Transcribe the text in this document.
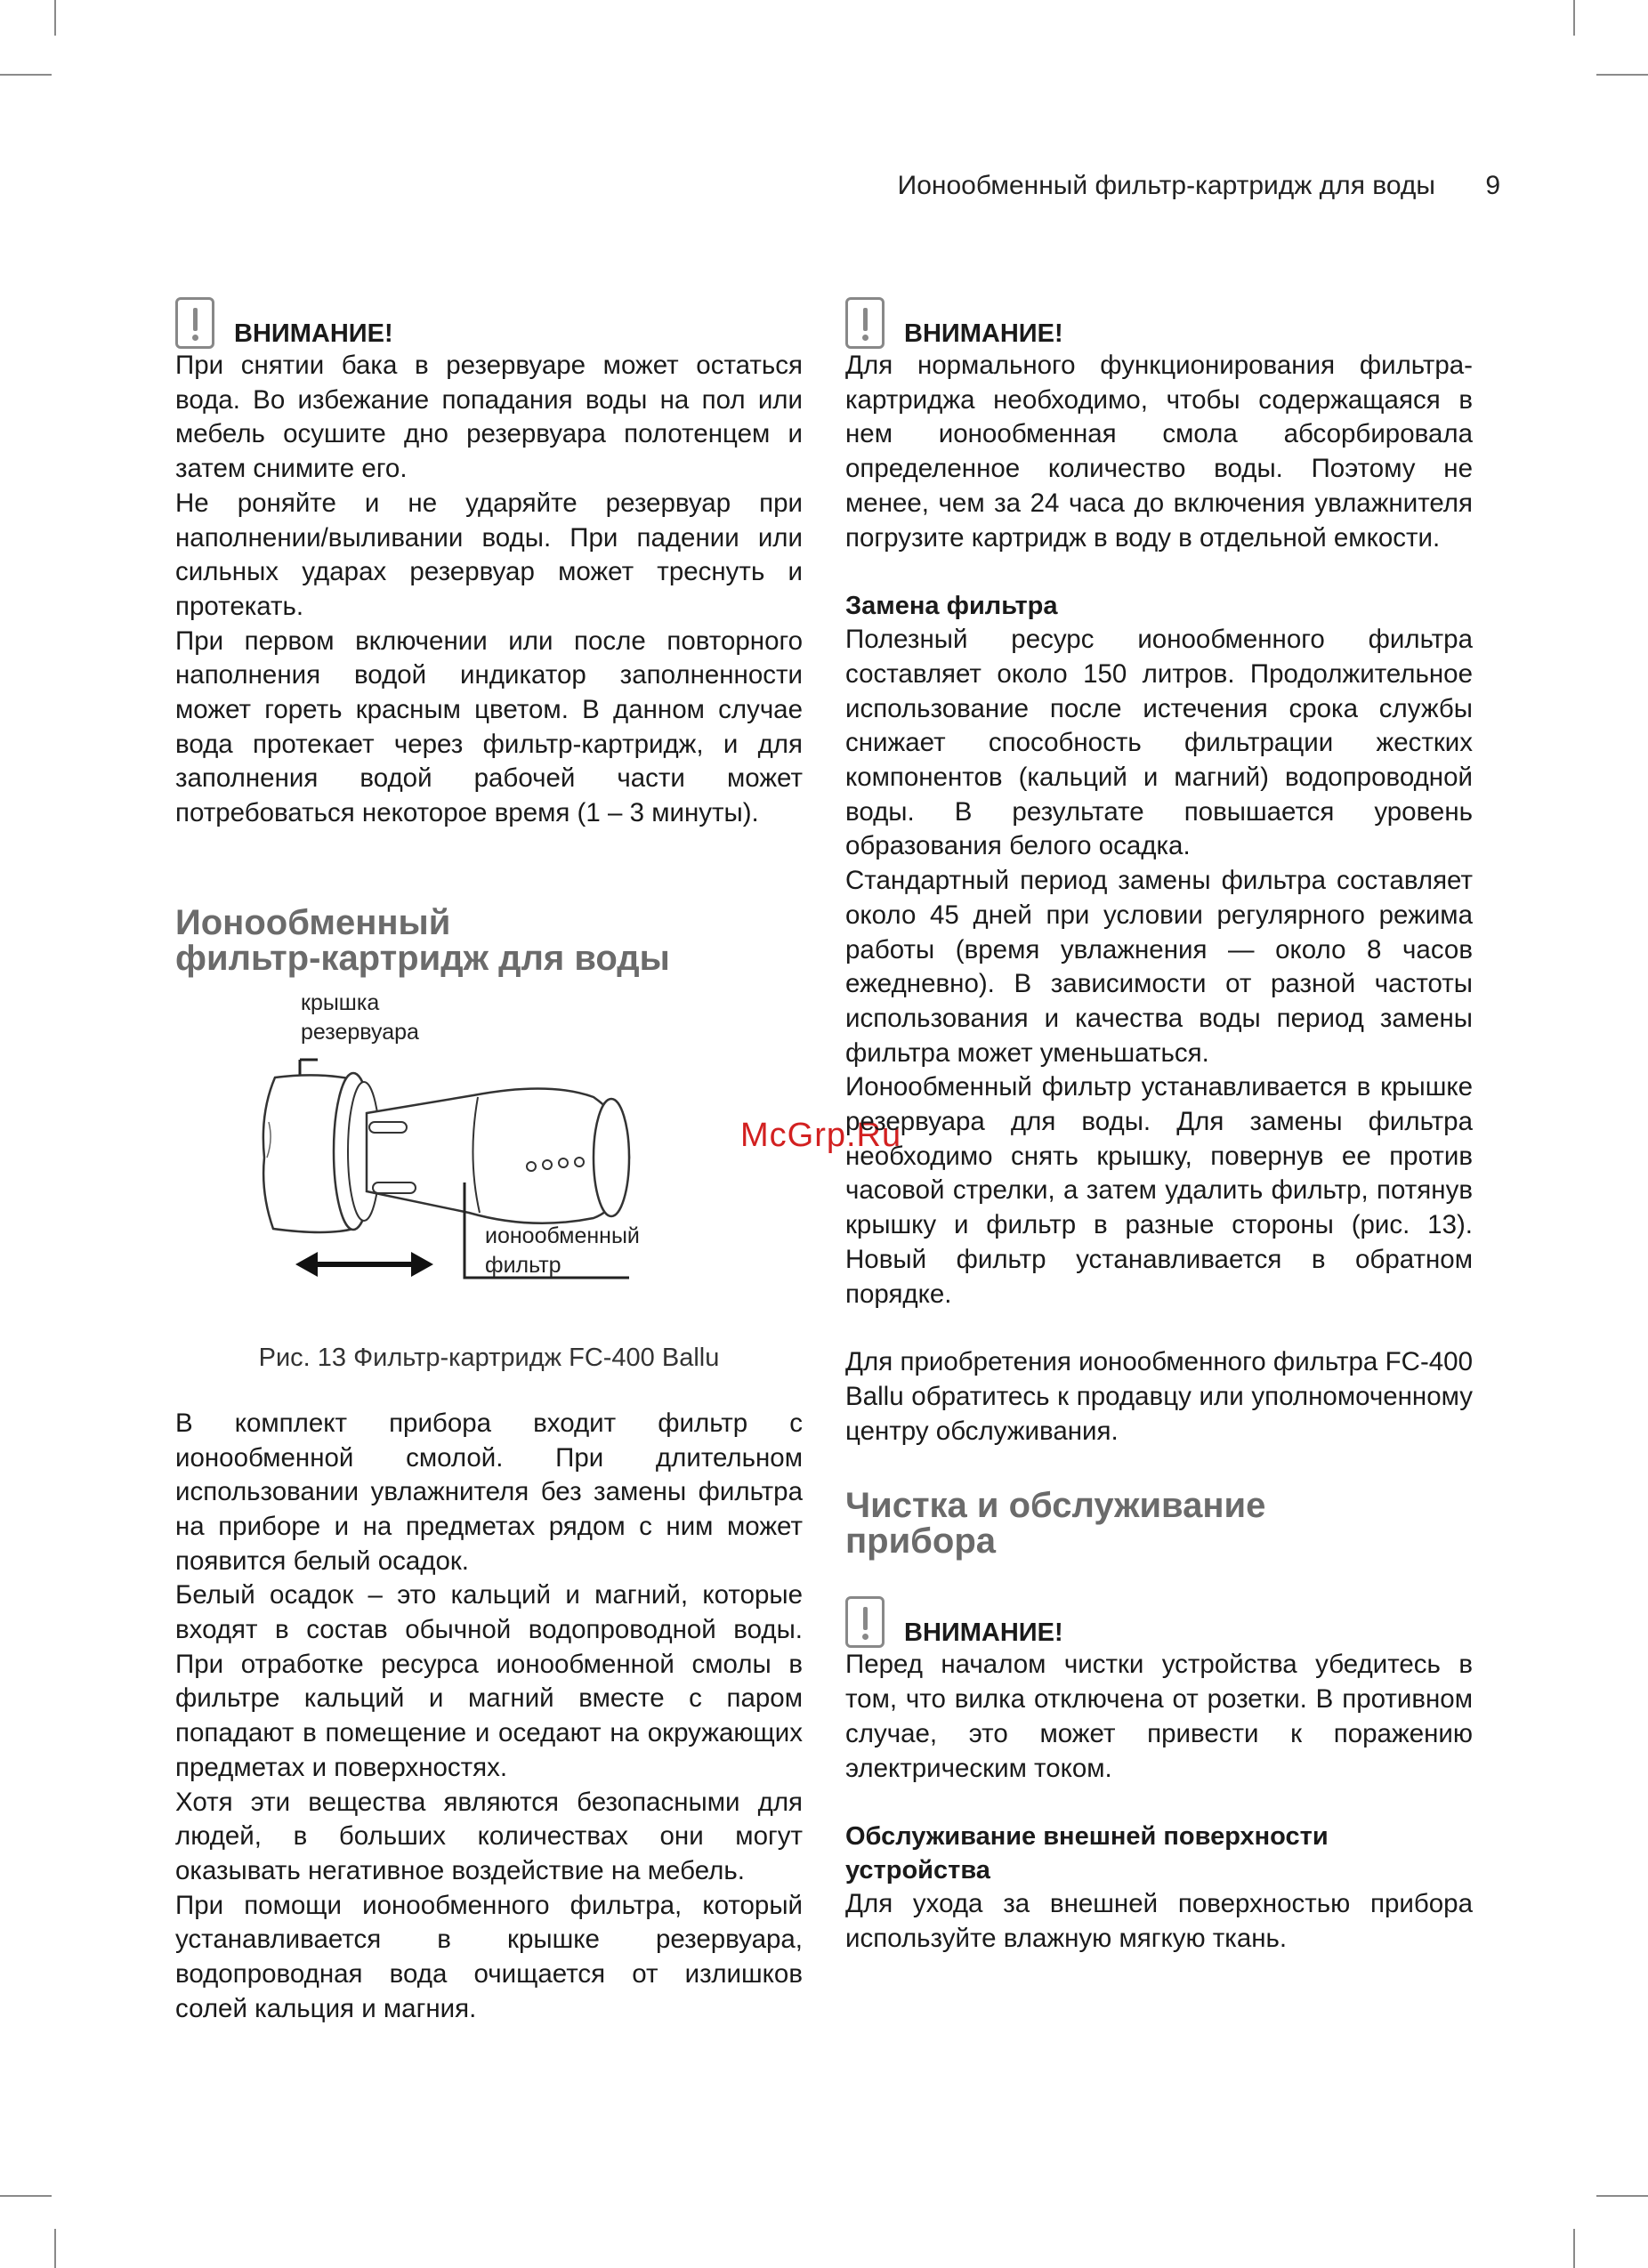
Ионообменный фильтр-картридж для воды 9
McGrp.Ru
ВНИМАНИЕ!

При снятии бака в резервуаре может остаться вода. Во избежание попадания воды на пол или мебель осушите дно резервуара полотенцем и затем снимите его.

Не роняйте и не ударяйте резервуар при наполнении/выливании воды. При падении или сильных ударах резервуар может треснуть и протекать.

При первом включении или после повторного наполнения водой индикатор заполненности может гореть красным цветом. В данном случае вода протекает через фильтр-картридж, и для заполнения водой рабочей части может потребоваться некоторое время (1 – 3 минуты).

Ионообменный
фильтр-картридж для воды
крышка
резервуара
ионообменный
фильтр
Рис. 13 Фильтр-картридж FC-400 Ballu

В комплект прибора входит фильтр с ионообменной смолой. При длительном использовании увлажнителя без замены фильтра на приборе и на предметах рядом с ним может появится белый осадок.

Белый осадок – это кальций и магний, которые входят в состав обычной водопроводной воды. При отработке ресурса ионообменной смолы в фильтре кальций и магний вместе с паром попадают в помещение и оседают на окружающих предметах и поверхностях.

Хотя эти вещества являются безопасными для людей, в больших количествах они могут оказывать негативное воздействие на мебель.

При помощи ионообменного фильтра, который устанавливается в крышке резервуара, водопроводная вода очищается от излишков солей кальция и магния.

ВНИМАНИЕ!

Для нормального функционирования фильтра-картриджа необходимо, чтобы содержащаяся в нем ионообменная смола абсорбировала определенное количество воды. Поэтому не менее, чем за 24 часа до включения увлажнителя погрузите картридж в воду в отдельной емкости.

Замена фильтра

Полезный ресурс ионообменного фильтра составляет около 150 литров. Продолжительное использование после истечения срока службы снижает способность фильтрации жестких компонентов (кальций и магний) водопроводной воды. В результате повышается уровень образования белого осадка.

Стандартный период замены фильтра составляет около 45 дней при условии регулярного режима работы (время увлажнения — около 8 часов ежедневно). В зависимости от разной частоты использования и качества воды период замены фильтра может уменьшаться.

Ионообменный фильтр устанавливается в крышке резервуара для воды. Для замены фильтра необходимо снять крышку, повернув ее против часовой стрелки, а затем удалить фильтр, потянув крышку и фильтр в разные стороны (рис. 13). Новый фильтр устанавливается в обратном порядке.

Для приобретения ионообменного фильтра FC-400 Ballu обратитесь к продавцу или уполномоченному центру обслуживания.

Чистка и обслуживание
прибора
ВНИМАНИЕ!

Перед началом чистки устройства убедитесь в том, что вилка отключена от розетки. В противном случае, это может привести к поражению электрическим током.

Обслуживание внешней поверхности
устройства

Для ухода за внешней поверхностью прибора используйте влажную мягкую ткань.
